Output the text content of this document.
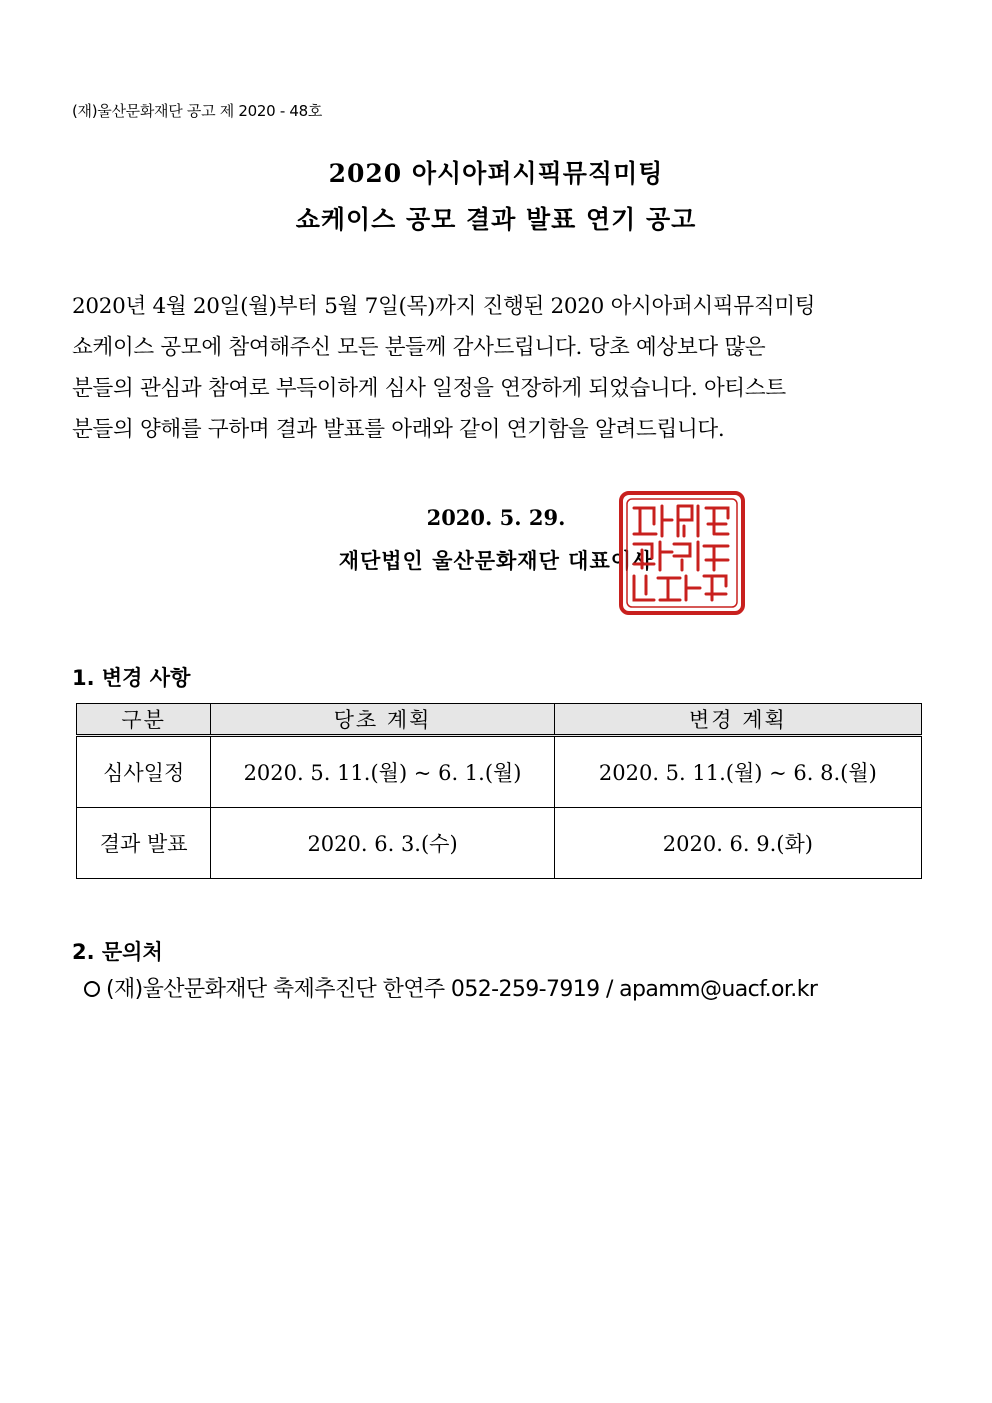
(재)울산문화재단 공고 제 2020 - 48호
2020 아시아퍼시픽뮤직미팅
쇼케이스 공모 결과 발표 연기 공고
2020년 4월 20일(월)부터 5월 7일(목)까지 진행된 2020 아시아퍼시픽뮤직미팅
쇼케이스 공모에 참여해주신 모든 분들께 감사드립니다. 당초 예상보다 많은
분들의 관심과 참여로 부득이하게 심사 일정을 연장하게 되었습니다. 아티스트
분들의 양해를 구하며 결과 발표를 아래와 같이 연기함을 알려드립니다.
2020. 5. 29.
재단법인 울산문화재단 대표이사
1. 변경 사항
구분	당초 계획	변경 계획
심사일정	2020. 5. 11.(월) ~ 6. 1.(월)	2020. 5. 11.(월) ~ 6. 8.(월)
결과 발표	2020. 6. 3.(수)	2020. 6. 9.(화)
2. 문의처
(재)울산문화재단 축제추진단 한연주 052-259-7919 / apamm@uacf.or.kr
